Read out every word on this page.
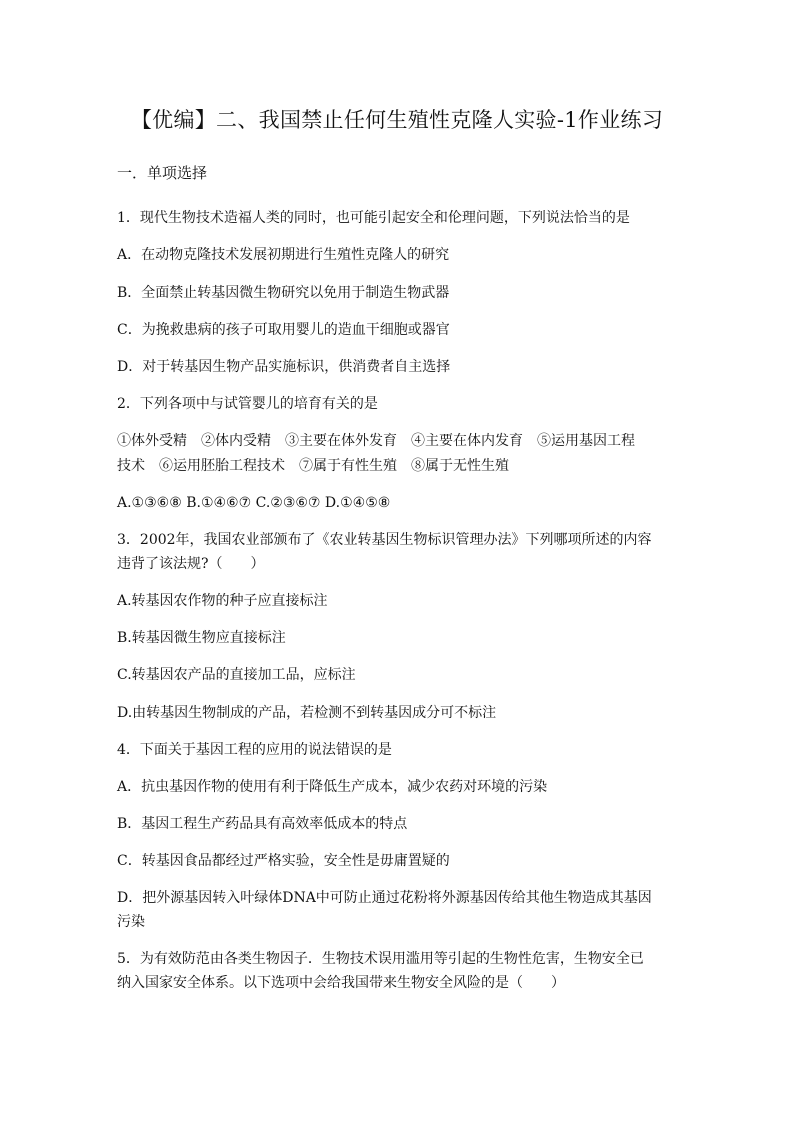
【优编】二、我国禁止任何生殖性克隆人实验-1作业练习
一．单项选择
1．现代生物技术造福人类的同时，也可能引起安全和伦理问题，下列说法恰当的是
A．在动物克隆技术发展初期进行生殖性克隆人的研究
B．全面禁止转基因微生物研究以免用于制造生物武器
C．为挽救患病的孩子可取用婴儿的造血干细胞或器官
D．对于转基因生物产品实施标识，供消费者自主选择
2．下列各项中与试管婴儿的培育有关的是
①体外受精　②体内受精　③主要在体外发育　④主要在体内发育　⑤运用基因工程
技术　⑥运用胚胎工程技术　⑦属于有性生殖　⑧属于无性生殖
A.①③⑥⑧ B.①④⑥⑦ C.②③⑥⑦ D.①④⑤⑧
3．2002年，我国农业部颁布了《农业转基因生物标识管理办法》下列哪项所述的内容
违背了该法规?（　　）
A.转基因农作物的种子应直接标注
B.转基因微生物应直接标注
C.转基因农产品的直接加工品，应标注
D.由转基因生物制成的产品，若检测不到转基因成分可不标注
4．下面关于基因工程的应用的说法错误的是
A．抗虫基因作物的使用有利于降低生产成本，减少农药对环境的污染
B．基因工程生产药品具有高效率低成本的特点
C．转基因食品都经过严格实验，安全性是毋庸置疑的
D．把外源基因转入叶绿体DNA中可防止通过花粉将外源基因传给其他生物造成其基因
污染
5．为有效防范由各类生物因子．生物技术误用滥用等引起的生物性危害，生物安全已
纳入国家安全体系。以下选项中会给我国带来生物安全风险的是（　　）
